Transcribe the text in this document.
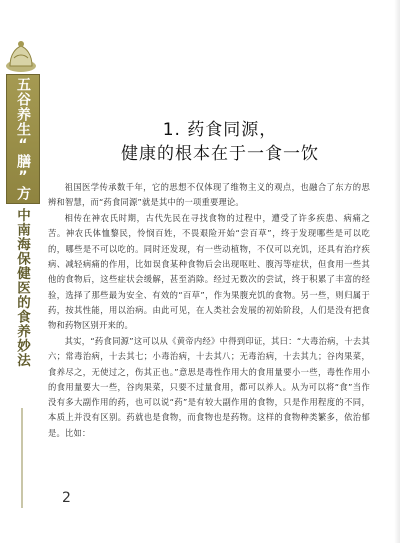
五谷养生“膳”方
中南海保健医的食养妙法
1. 药食同源，
健康的根本在于一食一饮

祖国医学传承数千年，它的思想不仅体现了维物主义的观点，也融合了东方的思辨和智慧，而“药食同源”就是其中的一项重要理论。

相传在神农氏时期，古代先民在寻找食物的过程中，遭受了许多疾患、病痛之苦。神农氏体恤黎民，怜悯百姓，不畏艰险开始“尝百草”，终于发现哪些是可以吃的，哪些是不可以吃的。同时还发现，有一些动植物，不仅可以充饥，还具有治疗疾病、减轻病痛的作用，比如误食某种食物后会出现呕吐、腹泻等症状，但食用一些其他的食物后，这些症状会缓解，甚至消除。经过无数次的尝试，终于积累了丰富的经验，选择了那些最为安全、有效的“百草”，作为果腹充饥的食物。另一些，则归属于药，按其性能，用以治病。由此可见，在人类社会发展的初始阶段，人们是没有把食物和药物区别开来的。

其实，“药食同源”这可以从《黄帝内经》中得到印证，其曰：“大毒治病，十去其六；常毒治病，十去其七；小毒治病，十去其八；无毒治病，十去其九；谷肉果菜，食养尽之，无使过之，伤其正也。”意思是毒性作用大的食用量要小一些，毒性作用小的食用量要大一些，谷肉果菜，只要不过量食用，都可以养人。从为可以将“食”当作没有多大副作用的药，也可以说“药”是有较大副作用的食物，只是作用程度的不同，本质上并没有区别。药就也是食物，而食物也是药物。这样的食物种类繁多，依治郁是。比如：

2
